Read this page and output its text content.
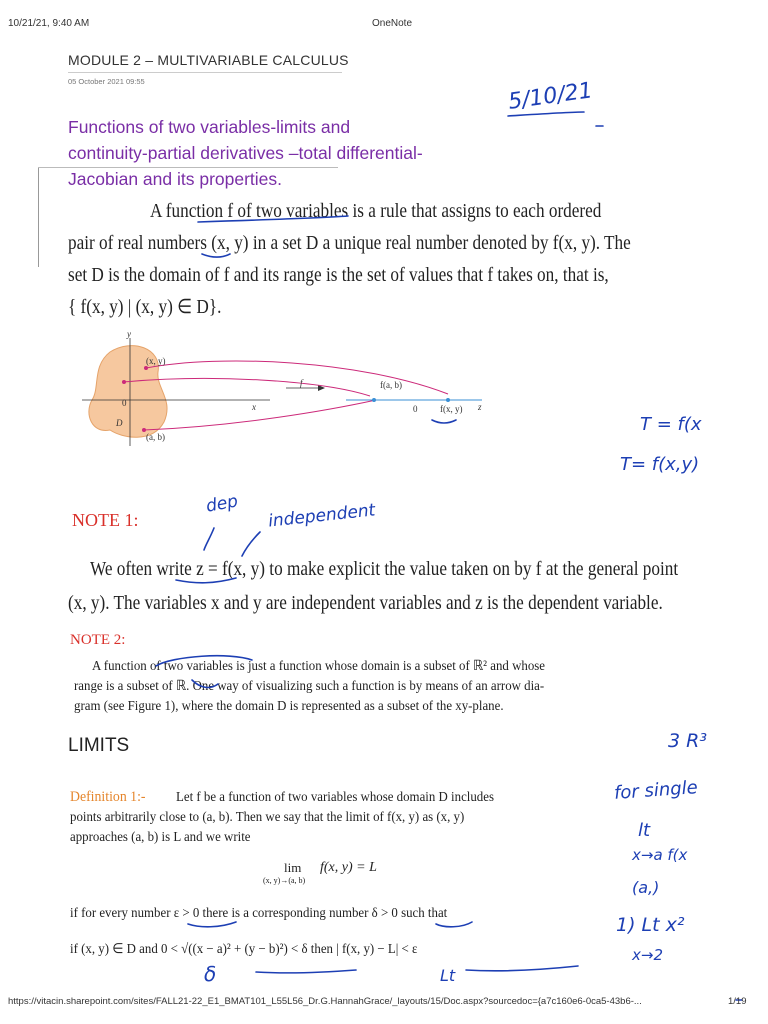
10/21/21, 9:40 AM	OneNote
MODULE 2 – MULTIVARIABLE CALCULUS
05 October 2021 09:55
Functions of two variables-limits and
continuity-partial derivatives –total differential-
Jacobian and its properties.
A function f of two variables is a rule that assigns to each ordered
pair of real numbers (x, y) in a set D a unique real number denoted by f(x, y). The
set D is the domain of f and its range is the set of values that f takes on, that is,
{ f(x, y) | (x, y) ∈ D}.
y
x	z
(x, y)
(a, b)
D
0
f	f(a, b)
0	f(x, y)
NOTE 1:
We often write z = f(x, y) to make explicit the value taken on by f at the general point
(x, y). The variables x and y are independent variables and z is the dependent variable.
NOTE 2:
A function of two variables is just a function whose domain is a subset of ℝ² and whose
range is a subset of ℝ. One way of visualizing such a function is by means of an arrow dia-
gram (see Figure 1), where the domain D is represented as a subset of the xy-plane.
LIMITS
Definition 1:- Let f be a function of two variables whose domain D includes
points arbitrarily close to (a, b). Then we say that the limit of f(x, y) as (x, y)
approaches (a, b) is L and we write
lim
(x, y)→(a, b)
f(x, y) = L
if for every number ε > 0 there is a corresponding number δ > 0 such that
if (x, y) ∈ D and 0 < √((x − a)² + (y − b)²) < δ then | f(x, y) − L| < ε
5/10/21
T = f(x
T= f(x,y)
dep independent
3 R³
for single
lt
x→a f(x
(a,)
1) Lt x²
x→2
δ	Lt
https://vitacin.sharepoint.com/sites/FALL21-22_E1_BMAT101_L55L56_Dr.G.HannahGrace/_layouts/15/Doc.aspx?sourcedoc={a7c160e6-0ca5-43b6-...	1/19
